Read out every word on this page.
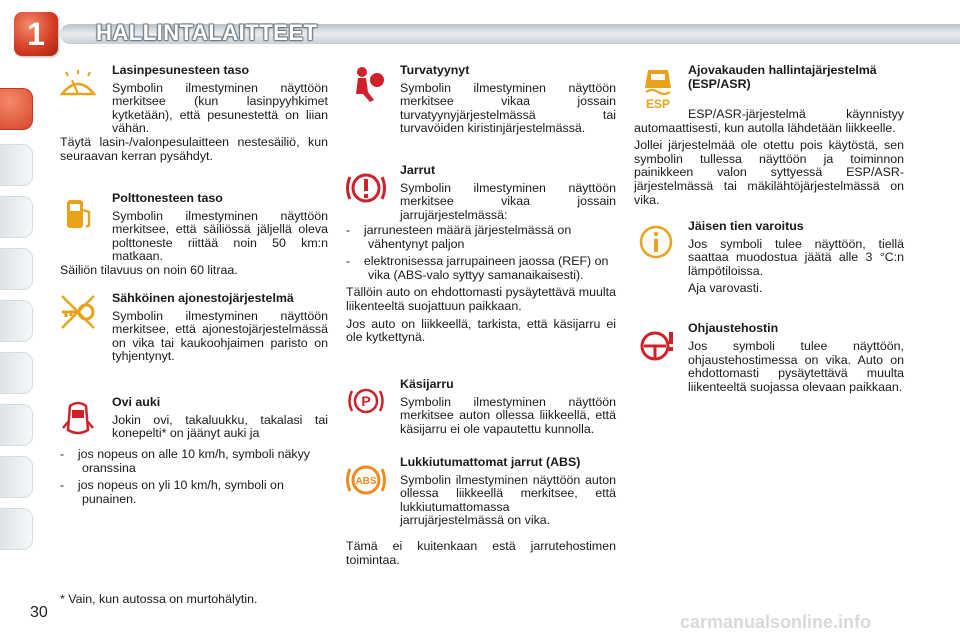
1	HALLINTALAITTEET

Lasinpesunesteen taso

Symbolin ilmestyminen näyttöön merkitsee (kun lasinpyyhkimet kytketään), että pesunestettä on liian vähän.

Täytä lasin-/valonpesulaitteen nestesäiliö, kun seuraavan kerran pysähdyt.

Polttonesteen taso

Symbolin ilmestyminen näyttöön merkitsee, että säiliössä jäljellä oleva polttoneste riittää noin 50 km:n matkaan.

Säiliön tilavuus on noin 60 litraa.

Sähköinen ajonestojärjestelmä

Symbolin ilmestyminen näyttöön merkitsee, että ajonestojärjestelmässä on vika tai kaukoohjaimen paristo on tyhjentynyt.

Ovi auki

Jokin ovi, takaluukku, takalasi tai konepelti* on jäänyt auki ja

-    jos nopeus on alle 10 km/h, symboli näkyy oranssina

-    jos nopeus on yli 10 km/h, symboli on punainen.

* Vain, kun autossa on murtohälytin.

Turvatyynyt

Symbolin ilmestyminen näyttöön merkitsee vikaa jossain turvatyynyjärjestelmässä tai turvavöiden kiristinjärjestelmässä.

Jarrut

Symbolin ilmestyminen näyttöön merkitsee vikaa jossain jarrujärjestelmässä:

-    jarrunesteen määrä järjestelmässä on vähentynyt paljon

-    elektronisessa jarrupaineen jaossa (REF) on vika (ABS-valo syttyy samanaikaisesti).

Tällöin auto on ehdottomasti pysäytettävä muulta liikenteeltä suojattuun paikkaan.

Jos auto on liikkeellä, tarkista, että käsijarru ei ole kytkettynä.

P

Käsijarru

Symbolin ilmestyminen näyttöön merkitsee auton ollessa liikkeellä, että käsijarru ei ole vapautettu kunnolla.

ABS

Lukkiutumattomat jarrut (ABS)

Symbolin ilmestyminen näyttöön auton ollessa liikkeellä merkitsee, että lukkiutumattomassa jarrujärjestelmässä on vika.

Tämä ei kuitenkaan estä jarrutehostimen toimintaa.
ESP

Ajovakauden hallintajärjestelmä (ESP/ASR)

ESP/ASR-järjestelmä käynnistyy automaattisesti, kun autolla lähdetään liikkeelle.

Jollei järjestelmää ole otettu pois käytöstä, sen symbolin tullessa näyttöön ja toiminnon painikkeen valon syttyessä ESP/ASR-järjestelmässä tai mäkilähtöjärjestelmässä on vika.

Jäisen tien varoitus

Jos symboli tulee näyttöön, tiellä saattaa muodostua jäätä alle 3 °C:n lämpötiloissa.

Aja varovasti.

Ohjaustehostin

Jos symboli tulee näyttöön, ohjaustehostimessa on vika. Auto on ehdottomasti pysäytettävä muulta liikenteeltä suojassa olevaan paikkaan.

30	carmanualsonline.info
